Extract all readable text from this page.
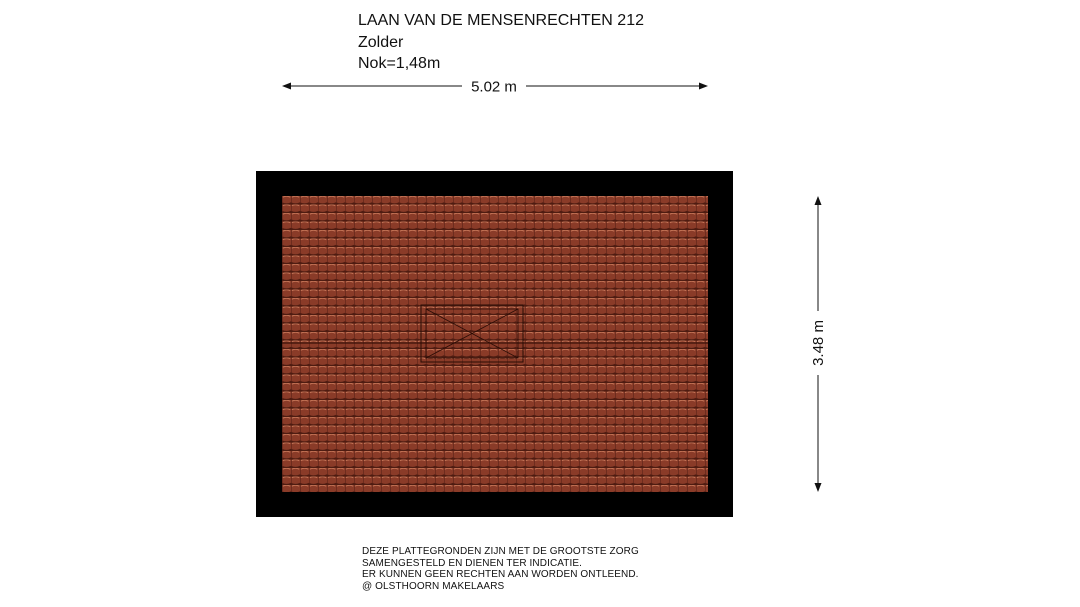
LAAN VAN DE MENSENRECHTEN 212
Zolder
Nok=1,48m
5.02 m
3.48 m
DEZE PLATTEGRONDEN ZIJN MET DE GROOTSTE ZORG
SAMENGESTELD EN DIENEN TER INDICATIE.
ER KUNNEN GEEN RECHTEN AAN WORDEN ONTLEEND.
@ OLSTHOORN MAKELAARS
